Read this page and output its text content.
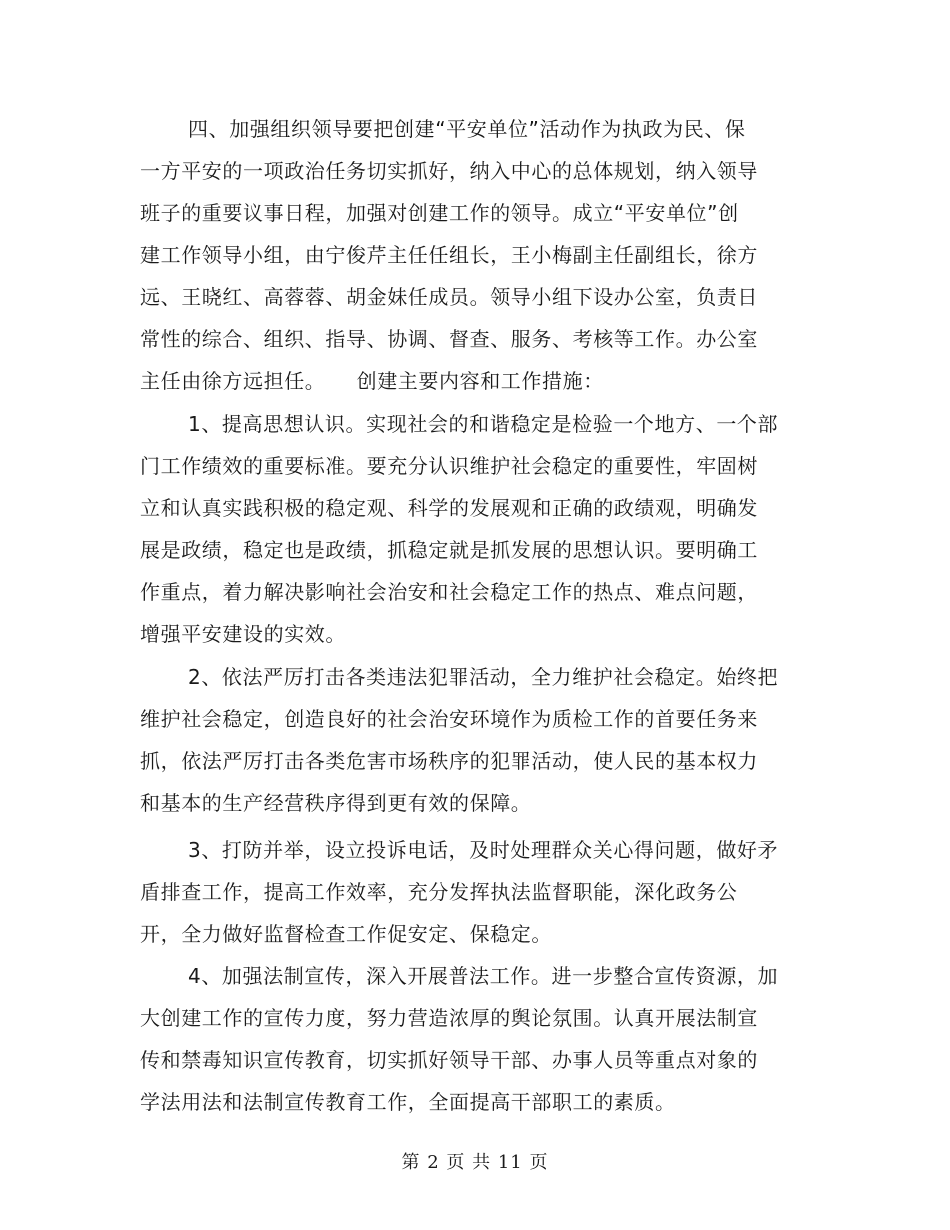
四、加强组织领导要把创建“平安单位”活动作为执政为民、保
一方平安的一项政治任务切实抓好，纳入中心的总体规划，纳入领导
班子的重要议事日程，加强对创建工作的领导。成立“平安单位”创
建工作领导小组，由宁俊芹主任任组长，王小梅副主任副组长，徐方
远、王晓红、高蓉蓉、胡金妹任成员。领导小组下设办公室，负责日
常性的综合、组织、指导、协调、督查、服务、考核等工作。办公室
主任由徐方远担任。　　创建主要内容和工作措施：
1、提高思想认识。实现社会的和谐稳定是检验一个地方、一个部
门工作绩效的重要标准。要充分认识维护社会稳定的重要性，牢固树
立和认真实践积极的稳定观、科学的发展观和正确的政绩观，明确发
展是政绩，稳定也是政绩，抓稳定就是抓发展的思想认识。要明确工
作重点，着力解决影响社会治安和社会稳定工作的热点、难点问题，
增强平安建设的实效。
2、依法严厉打击各类违法犯罪活动，全力维护社会稳定。始终把
维护社会稳定，创造良好的社会治安环境作为质检工作的首要任务来
抓，依法严厉打击各类危害市场秩序的犯罪活动，使人民的基本权力
和基本的生产经营秩序得到更有效的保障。
3、打防并举，设立投诉电话，及时处理群众关心得问题，做好矛
盾排查工作，提高工作效率，充分发挥执法监督职能，深化政务公
开，全力做好监督检查工作促安定、保稳定。
4、加强法制宣传，深入开展普法工作。进一步整合宣传资源，加
大创建工作的宣传力度，努力营造浓厚的舆论氛围。认真开展法制宣
传和禁毒知识宣传教育，切实抓好领导干部、办事人员等重点对象的
学法用法和法制宣传教育工作，全面提高干部职工的素质。
第 2 页 共 11 页
